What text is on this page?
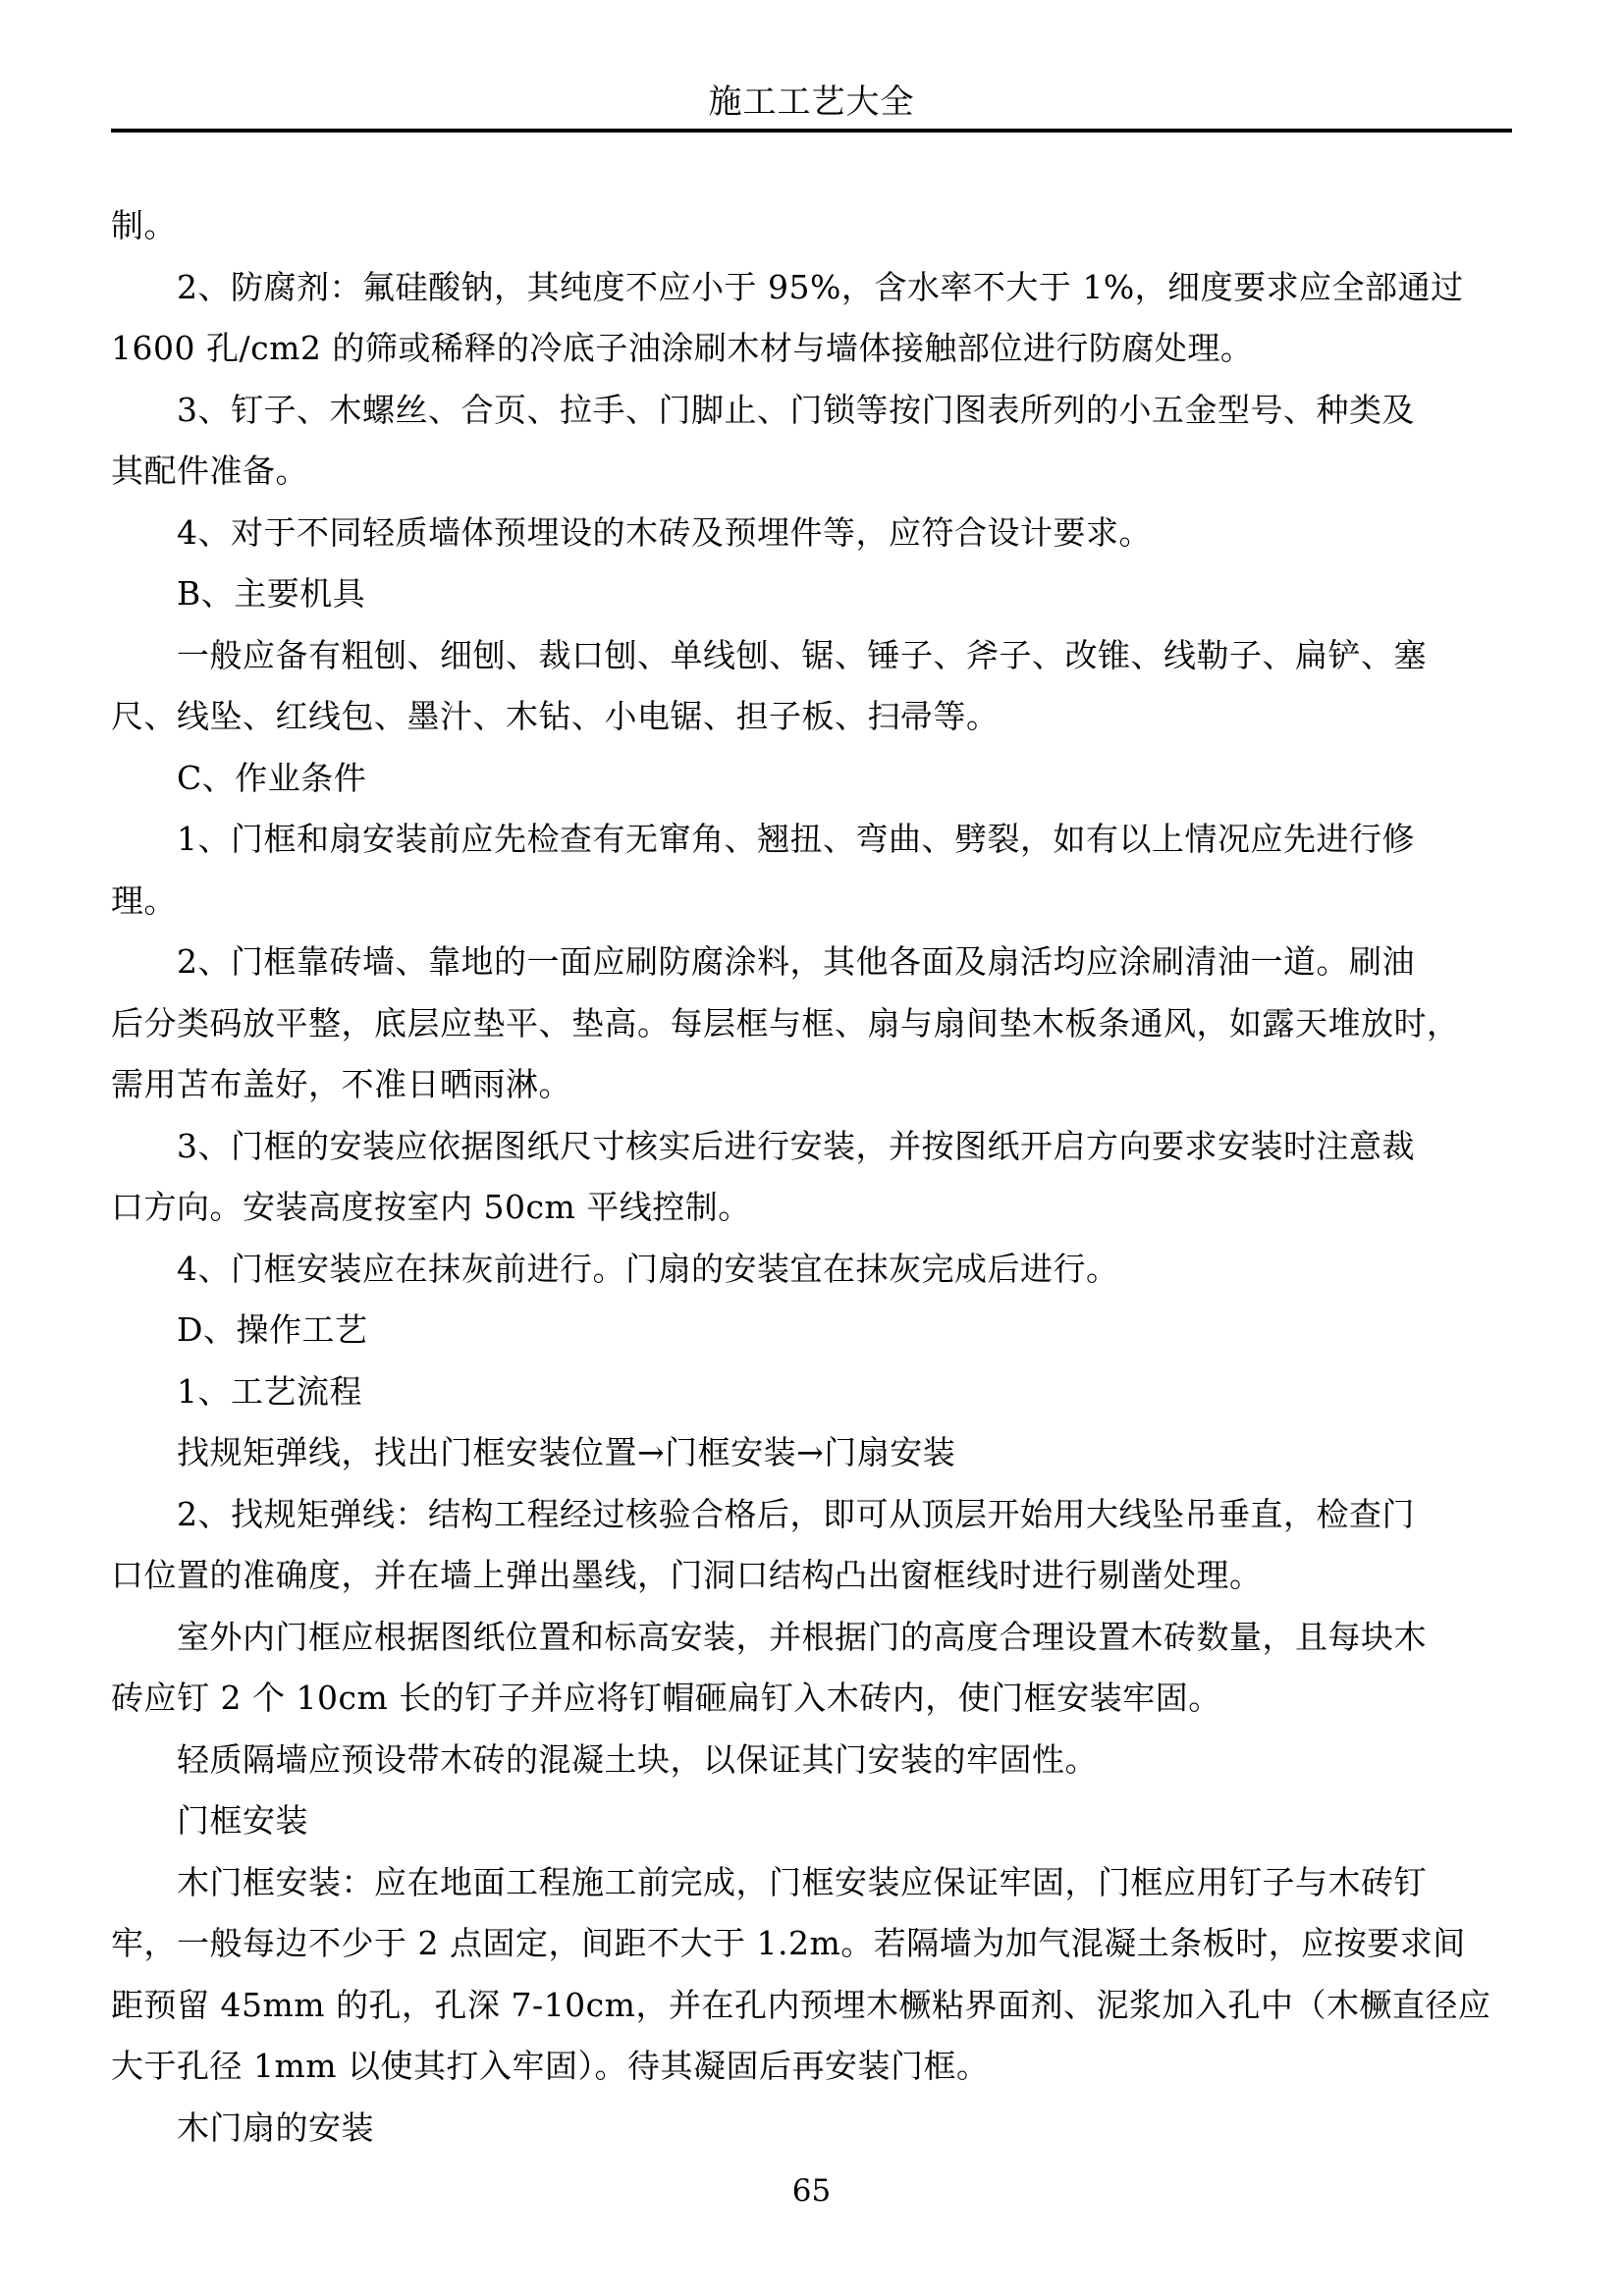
施工工艺大全
制。
2、防腐剂：氟硅酸钠，其纯度不应小于 95%，含水率不大于 1%，细度要求应全部通过
1600 孔/cm2 的筛或稀释的冷底子油涂刷木材与墙体接触部位进行防腐处理。
3、钉子、木螺丝、合页、拉手、门脚止、门锁等按门图表所列的小五金型号、种类及
其配件准备。
4、对于不同轻质墙体预埋设的木砖及预埋件等，应符合设计要求。
B、主要机具
一般应备有粗刨、细刨、裁口刨、单线刨、锯、锤子、斧子、改锥、线勒子、扁铲、塞
尺、线坠、红线包、墨汁、木钻、小电锯、担子板、扫帚等。
C、作业条件
1、门框和扇安装前应先检查有无窜角、翘扭、弯曲、劈裂，如有以上情况应先进行修
理。
2、门框靠砖墙、靠地的一面应刷防腐涂料，其他各面及扇活均应涂刷清油一道。刷油
后分类码放平整，底层应垫平、垫高。每层框与框、扇与扇间垫木板条通风，如露天堆放时，
需用苫布盖好，不准日晒雨淋。
3、门框的安装应依据图纸尺寸核实后进行安装，并按图纸开启方向要求安装时注意裁
口方向。安装高度按室内 50cm 平线控制。
4、门框安装应在抹灰前进行。门扇的安装宜在抹灰完成后进行。
D、操作工艺
1、工艺流程
找规矩弹线，找出门框安装位置→门框安装→门扇安装
2、找规矩弹线：结构工程经过核验合格后，即可从顶层开始用大线坠吊垂直，检查门
口位置的准确度，并在墙上弹出墨线，门洞口结构凸出窗框线时进行剔凿处理。
室外内门框应根据图纸位置和标高安装，并根据门的高度合理设置木砖数量，且每块木
砖应钉 2 个 10cm 长的钉子并应将钉帽砸扁钉入木砖内，使门框安装牢固。
轻质隔墙应预设带木砖的混凝土块，以保证其门安装的牢固性。
门框安装
木门框安装：应在地面工程施工前完成，门框安装应保证牢固，门框应用钉子与木砖钉
牢，一般每边不少于 2 点固定，间距不大于 1.2m。若隔墙为加气混凝土条板时，应按要求间
距预留 45mm 的孔，孔深 7-10cm，并在孔内预埋木橛粘界面剂、泥浆加入孔中（木橛直径应
大于孔径 1mm 以使其打入牢固）。待其凝固后再安装门框。
木门扇的安装
65
